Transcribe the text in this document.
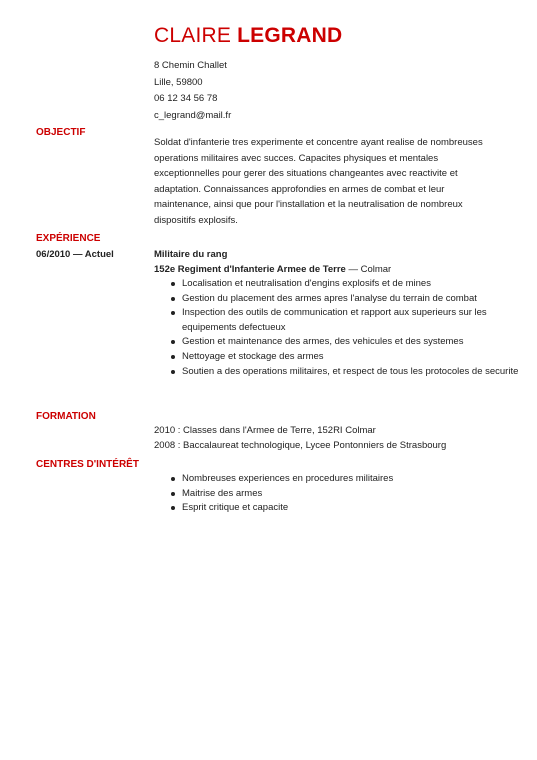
CLAIRE LEGRAND
8 Chemin Challet
Lille, 59800
06 12 34 56 78
c_legrand@mail.fr
OBJECTIF
Soldat d'infanterie tres experimente et concentre ayant realise de nombreuses operations militaires avec succes. Capacites physiques et mentales exceptionnelles pour gerer des situations changeantes avec reactivite et adaptation. Connaissances approfondies en armes de combat et leur maintenance, ainsi que pour l'installation et la neutralisation de nombreux dispositifs explosifs.
EXPÉRIENCE
06/2010 — Actuel	Militaire du rang
152e Regiment d'Infanterie Armee de Terre — Colmar
Localisation et neutralisation d'engins explosifs et de mines
Gestion du placement des armes apres l'analyse du terrain de combat
Inspection des outils de communication et rapport aux superieurs sur les equipements defectueux
Gestion et maintenance des armes, des vehicules et des systemes
Nettoyage et stockage des armes
Soutien a des operations militaires, et respect de tous les protocoles de securite
FORMATION
2010 : Classes dans l'Armee de Terre, 152RI Colmar
2008 : Baccalaureat technologique, Lycee Pontonniers de Strasbourg
CENTRES D'INTÉRÊT
Nombreuses experiences en procedures militaires
Maitrise des armes
Esprit critique et capacite
